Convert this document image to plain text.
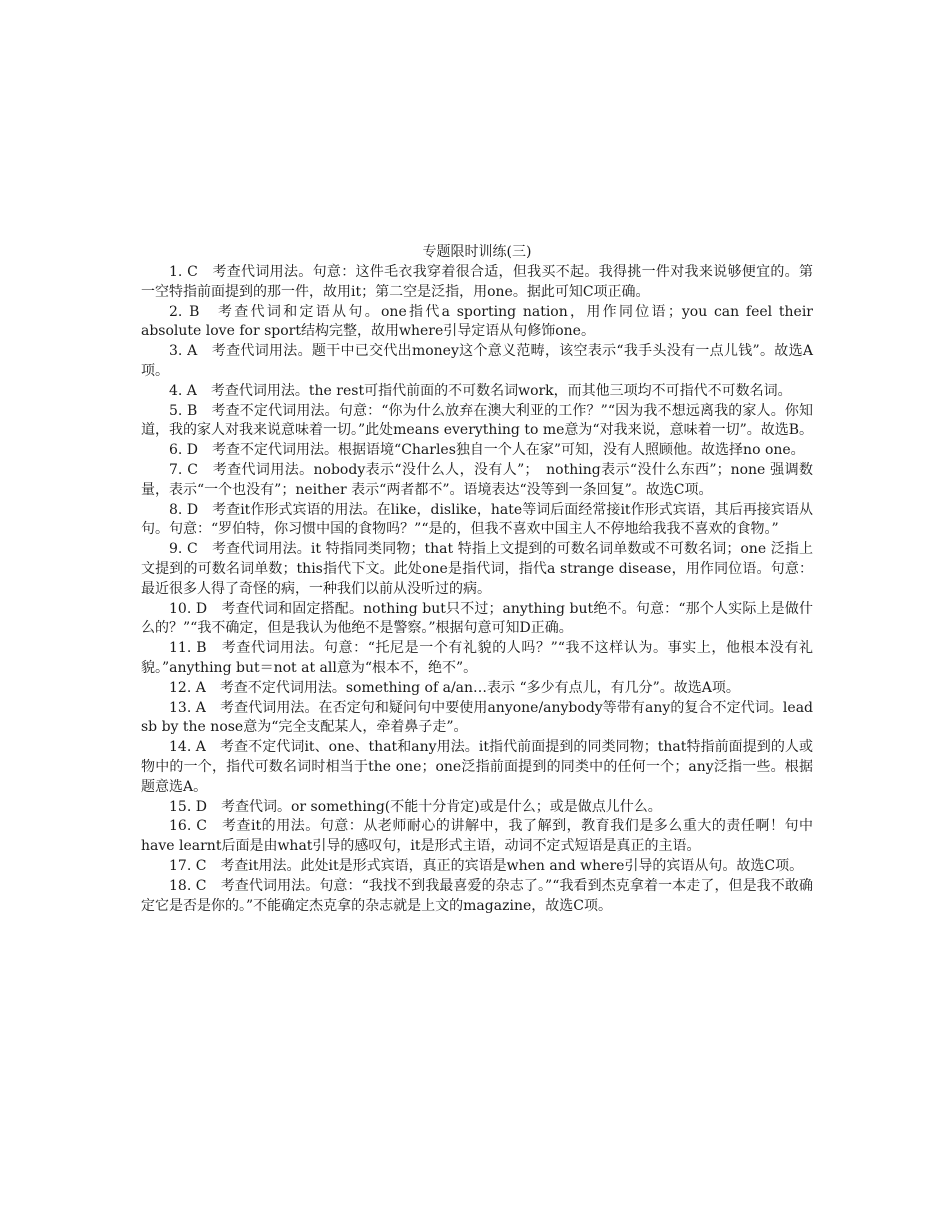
专题限时训练(三)

1. C　考查代词用法。句意：这件毛衣我穿着很合适，但我买不起。我得挑一件对我来说够便宜的。第一空特指前面提到的那一件，故用it；第二空是泛指，用one。据此可知C项正确。

2. B　考查代词和定语从句。one指代a sporting nation，用作同位语；you can feel their absolute love for sport结构完整，故用where引导定语从句修饰one。

3. A　考查代词用法。题干中已交代出money这个意义范畴，该空表示“我手头没有一点儿钱”。故选A项。

4. A　考查代词用法。the rest可指代前面的不可数名词work，而其他三项均不可指代不可数名词。

5. B　考查不定代词用法。句意：“你为什么放弃在澳大利亚的工作？”“因为我不想远离我的家人。你知道，我的家人对我来说意味着一切。”此处means everything to me意为“对我来说，意味着一切”。故选B。

6. D　考查不定代词用法。根据语境“Charles独自一个人在家”可知，没有人照顾他。故选择no one。

7. C　考查代词用法。nobody表示“没什么人，没有人”；　nothing表示“没什么东西”；none 强调数量，表示“一个也没有”；neither 表示“两者都不”。语境表达“没等到一条回复”。故选C项。

8. D　考查it作形式宾语的用法。在like，dislike，hate等词后面经常接it作形式宾语，其后再接宾语从句。句意：“罗伯特，你习惯中国的食物吗？”“是的，但我不喜欢中国主人不停地给我我不喜欢的食物。”

9. C　考查代词用法。it 特指同类同物；that 特指上文提到的可数名词单数或不可数名词；one 泛指上文提到的可数名词单数；this指代下文。此处one是指代词，指代a strange disease，用作同位语。句意：最近很多人得了奇怪的病，一种我们以前从没听过的病。

10. D　考查代词和固定搭配。nothing but只不过；anything but绝不。句意：“那个人实际上是做什么的？”“我不确定，但是我认为他绝不是警察。”根据句意可知D正确。

11. B　考查代词用法。句意：“托尼是一个有礼貌的人吗？”“我不这样认为。事实上，他根本没有礼貌。”anything but＝not at all意为“根本不，绝不”。

12. A　考查不定代词用法。something of a/an…表示 “多少有点儿，有几分”。故选A项。

13. A　考查代词用法。在否定句和疑问句中要使用anyone/anybody等带有any的复合不定代词。lead sb by the nose意为“完全支配某人，牵着鼻子走”。

14. A　考查不定代词it、one、that和any用法。it指代前面提到的同类同物；that特指前面提到的人或物中的一个，指代可数名词时相当于the one；one泛指前面提到的同类中的任何一个；any泛指一些。根据题意选A。

15. D　考查代词。or something(不能十分肯定)或是什么；或是做点儿什么。

16. C　考查it的用法。句意：从老师耐心的讲解中，我了解到，教育我们是多么重大的责任啊！句中have learnt后面是由what引导的感叹句，it是形式主语，动词不定式短语是真正的主语。

17. C　考查it用法。此处it是形式宾语，真正的宾语是when and where引导的宾语从句。故选C项。

18. C　考查代词用法。句意：“我找不到我最喜爱的杂志了。”“我看到杰克拿着一本走了，但是我不敢确定它是否是你的。”不能确定杰克拿的杂志就是上文的magazine，故选C项。
